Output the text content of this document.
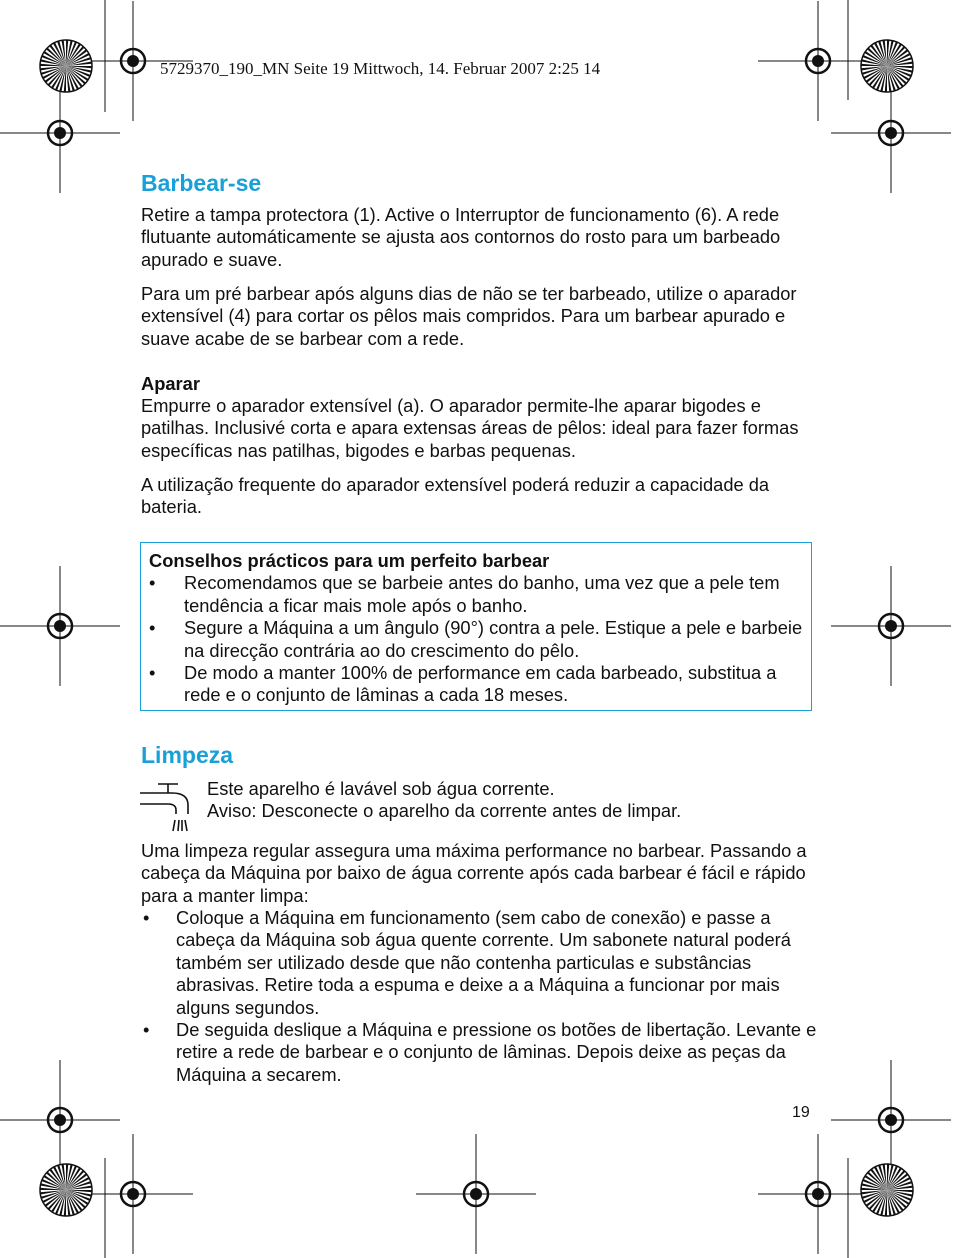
5729370_190_MN Seite 19 Mittwoch, 14. Februar 2007 2:25 14
Barbear-se

Retire a tampa protectora (1). Active o Interruptor de funcionamento (6). A rede flutuante automáticamente se ajusta aos contornos do rosto para um barbeado apurado e suave.

Para um pré barbear após alguns dias de não se ter barbeado, utilize o aparador extensível (4) para cortar os pêlos mais compridos. Para um barbear apurado e suave acabe de se barbear com a rede.

Aparar

Empurre o aparador extensível (a). O aparador permite-lhe aparar bigodes e patilhas. Inclusivé corta e apara extensas áreas de pêlos: ideal para fazer formas específicas nas patilhas, bigodes e barbas pequenas.

A utilização frequente do aparador extensível poderá reduzir a capacidade da bateria.

Conselhos prácticos para um perfeito barbear
• Recomendamos que se barbeie antes do banho, uma vez que a pele tem tendência a ficar mais mole após o banho.
• Segure a Máquina a um ângulo (90°) contra a pele. Estique a pele e barbeie na direcção contrária ao do crescimento do pêlo.
• De modo a manter 100% de performance em cada barbeado, substitua a rede e o conjunto de lâminas a cada 18 meses.
Limpeza

Este aparelho é lavável sob água corrente.

Aviso: Desconecte o aparelho da corrente antes de limpar.

Uma limpeza regular assegura uma máxima performance no barbear. Passando a cabeça da Máquina por baixo de água corrente após cada barbear é fácil e rápido para a manter limpa:

• Coloque a Máquina em funcionamento (sem cabo de conexão) e passe a cabeça da Máquina sob água quente corrente. Um sabonete natural poderá também ser utilizado desde que não contenha particulas e substâncias abrasivas. Retire toda a espuma e deixe a a Máquina a funcionar por mais alguns segundos.
• De seguida deslique a Máquina e pressione os botões de libertação. Levante e retire a rede de barbear e o conjunto de lâminas. Depois deixe as peças da Máquina a secarem.
19
